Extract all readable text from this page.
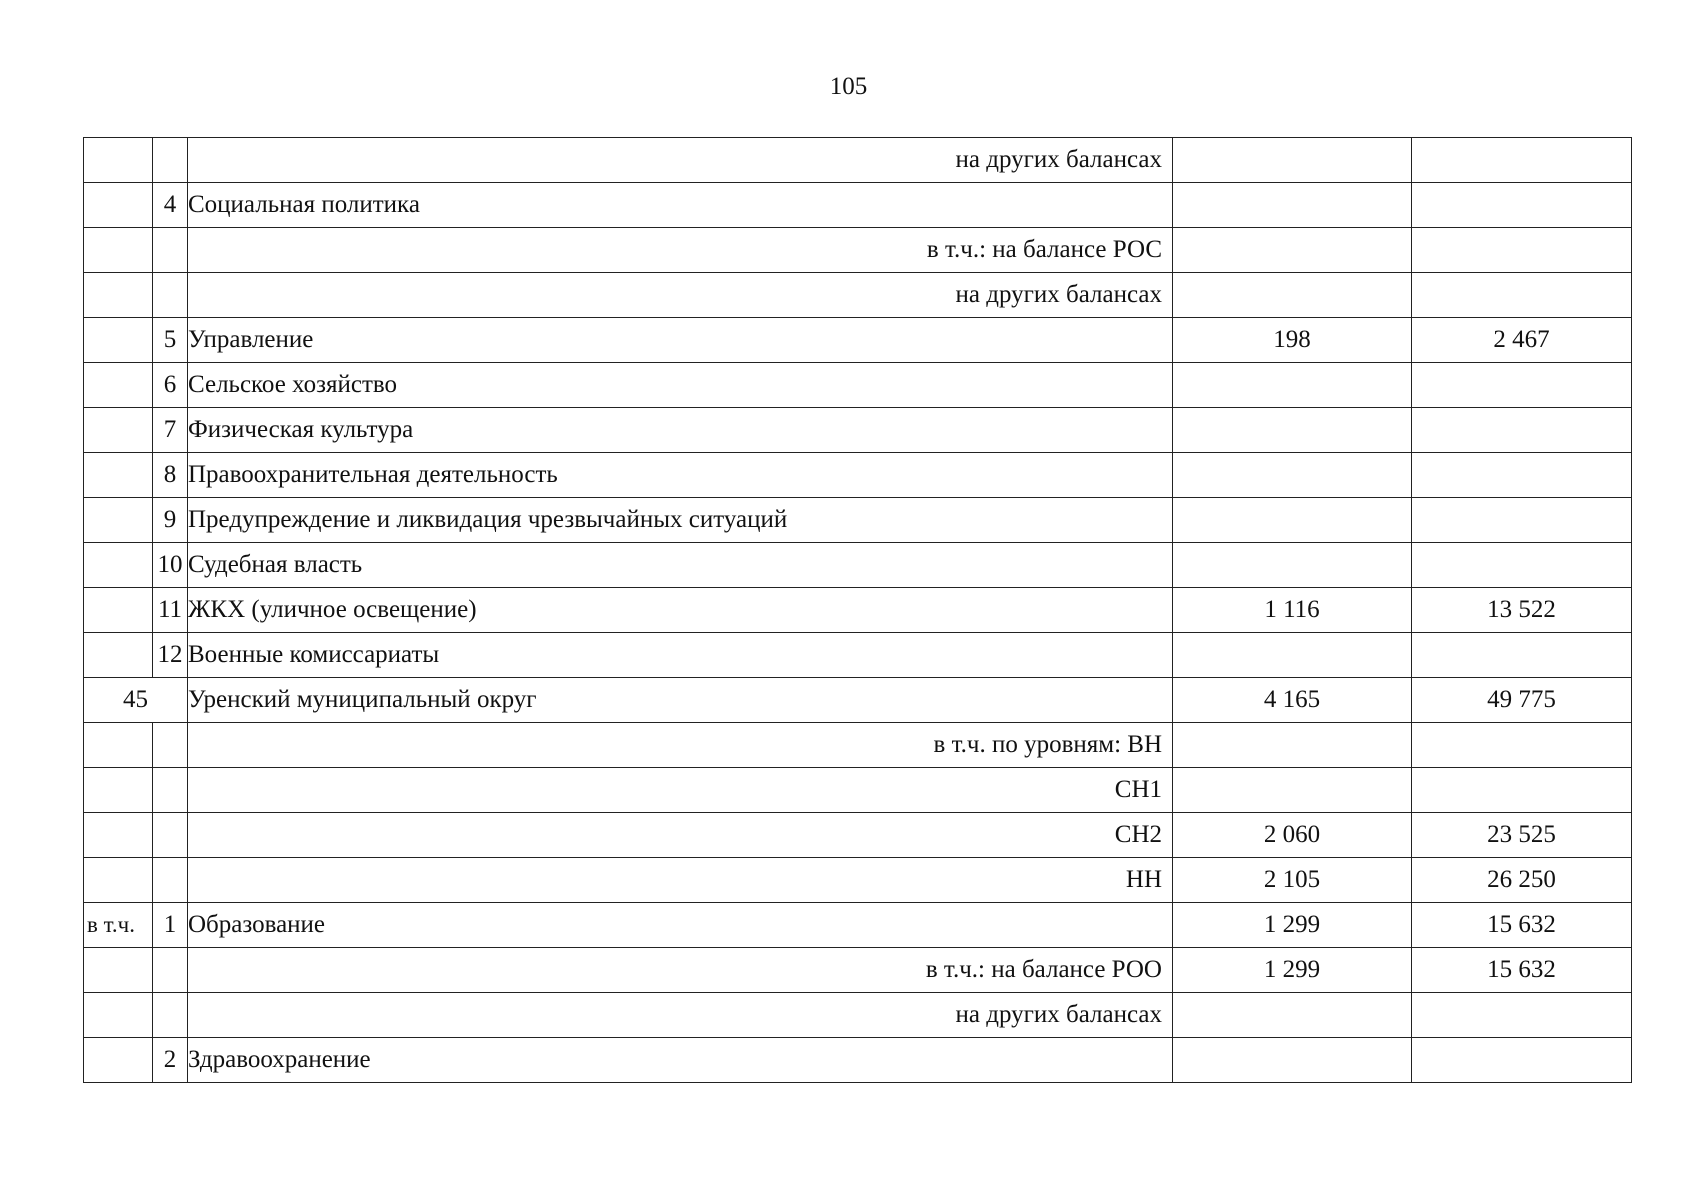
105
		на других балансах		
	4	Социальная политика		
		в т.ч.: на балансе РОС		
		на других балансах		
	5	Управление	198	2 467
	6	Сельское хозяйство		
	7	Физическая культура		
	8	Правоохранительная деятельность		
	9	Предупреждение и ликвидация чрезвычайных ситуаций		
	10	Судебная власть		
	11	ЖКХ (уличное освещение)	1 116	13 522
	12	Военные комиссариаты		
45		Уренский муниципальный округ	4 165	49 775
		в т.ч. по уровням: ВН		
		СН1		
		СН2	2 060	23 525
		НН	2 105	26 250
в т.ч.	1	Образование	1 299	15 632
		в т.ч.: на балансе РОО	1 299	15 632
		на других балансах		
	2	Здравоохранение		
